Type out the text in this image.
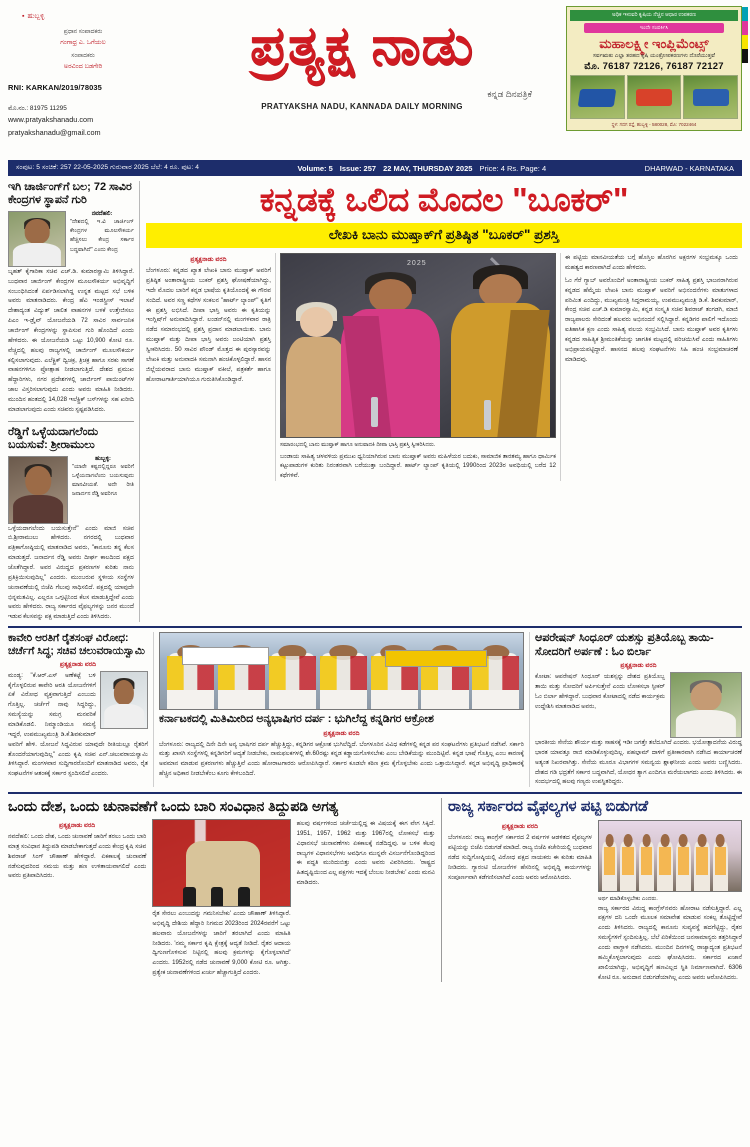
▪ ಹುಬ್ಬಳ್ಳಿ
ಪ್ರಧಾನ ಸಂಪಾದಕರು
ಗಂಗಾಧ್ರ ಎ. ಒಗೆಯಲ
ಸಂಪಾದಕರು
ಅರವಿಂದ ಬಡಗೇರಿ
RNI: KARKAN/2019/78035
ಮೊ.ನಂ.: 81975 11295
www.pratyakshanadu.com
pratyakshanadu@gmail.com
ಪ್ರತ್ಯಕ್ಷ ನಾಡು
ಕನ್ನಡ ದಿನಪತ್ರಿಕೆ
PRATYAKSHA NADU, KANNADA DAILY MORNING
ಅಧಿಕ ಇಳುವರಿ ಕೃಷಿಯ ನೆಚ್ಚಿನ ಆಧಾರ ಉಪಕರಣ
ಇಂದೇ ಸಂಪರ್ಕಿಸಿ
ಮಹಾಲಕ್ಷ್ಮೀ ಇಂಪ್ಲಿಮೆಂಟ್ಸ್
ಸರ್ವಋತು ಎಲ್ಲಾ ತರಹದ ಕೃಷಿ ಯಂತ್ರೋಪಕರಣಗಳು ದೊರೆಯುತ್ತವೆ
ಮೊ. 76187 72126, 76187 72127
ಸ್ಥಳ: ಗದಗ ರಸ್ತೆ, ಹುಬ್ಬಳ್ಳಿ - 580028, ಮೊ: 7022464
ಸಂಪುಟ: 5 ಸಂಚಿಕೆ: 257 22-05-2025 ಗುರುವಾರ 2025 ಬೆಲೆ: 4 ರೂ. ಪುಟ: 4	Volume: 5 Issue: 257 22 MAY, THURSDAY 2025 Price: 4 Rs. Page: 4	DHARWAD - KARNATAKA
ಇಗಿ ಚಾರ್ಜಿಂಗ್‌ಗೆ ಬಲ; 72 ಸಾವಿರ ಕೇಂದ್ರಗಳ ಸ್ಥಾಪನೆ ಗುರಿ
ನವದೆಹಲಿ:
"ದೇಶದಲ್ಲಿ ಇ.ವಿ ಚಾರ್ಜಿಂಗ್ ಕೇಂದ್ರಗಳ ಮೂಲಸೌಕರ್ಯ ಹೆಚ್ಚಿಸಲು ಕೇಂದ್ರ ಸರ್ಕಾರ ಬದ್ಧವಾಗಿದೆ" ಎಂದು ಕೇಂದ್ರ
ಬೃಹತ್ ಕೈಗಾರಿಕಾ ಸಚಿವ ಎಚ್.ಡಿ. ಕುಮಾರಸ್ವಾಮಿ ತಿಳಿಸಿದ್ದಾರೆ. ಬುಧವಾರ ಚಾರ್ಜಿಂಗ್ ಕೇಂದ್ರಗಳ ಮೂಲಸೌಕರ್ಯ ಅಭಿವೃದ್ಧಿಗೆ ಸಂಬಂಧಿಸಿದಂತೆ ಏರ್ಪಡಿಸಲಾಗಿದ್ದ ಉನ್ನತ ಮಟ್ಟದ ಸಭೆ ಬಳಿಕ ಅವರು ಮಾತನಾಡಿದರು. ಕೇಂದ್ರ ಹೆವಿ ಇಂಡಸ್ಟ್ರೀಸ್ ಇಲಾಖೆ ದೇಶಾದ್ಯಂತ ವಿದ್ಯುತ್ ಚಾಲಿತ ವಾಹನಗಳ ಬಳಕೆ ಉತ್ತೇಜಿಸಲು ಪಿಎಂ ಇ-ಡ್ರೈವ್ ಯೋಜನೆಯಡಿ 72 ಸಾವಿರ ಸಾರ್ವಜನಿಕ ಚಾರ್ಜಿಂಗ್ ಕೇಂದ್ರಗಳನ್ನು ಸ್ಥಾಪಿಸುವ ಗುರಿ ಹೊಂದಿದೆ ಎಂದು ಹೇಳಿದರು. ಈ ಯೋಜನೆಯಡಿ ಒಟ್ಟು 10,900 ಕೋಟಿ ರೂ. ವೆಚ್ಚದಲ್ಲಿ ಹಲವು ರಾಜ್ಯಗಳಲ್ಲಿ ಚಾರ್ಜಿಂಗ್ ಮೂಲಸೌಕರ್ಯ ಕಲ್ಪಿಸಲಾಗುವುದು. ಎಲೆಕ್ಟ್ರಿಕ್ ದ್ವಿಚಕ್ರ, ತ್ರಿಚಕ್ರ ಹಾಗೂ ಸರಕು ಸಾಗಣೆ ವಾಹನಗಳಿಗೂ ಪ್ರೋತ್ಸಾಹ ನೀಡಲಾಗುತ್ತಿದೆ. ದೇಶದ ಪ್ರಮುಖ ಹೆದ್ದಾರಿಗಳು, ನಗರ ಪ್ರದೇಶಗಳಲ್ಲಿ ಚಾರ್ಜಿಂಗ್ ಪಾಯಿಂಟ್‌ಗಳ ಜಾಲ ವಿಸ್ತರಿಸಲಾಗುವುದು ಎಂದು ಅವರು ಮಾಹಿತಿ ನೀಡಿದರು. ಮುಂದಿನ ಹಂತದಲ್ಲಿ 14,028 ಇಲೆಕ್ಟ್ರಿಕ್ ಬಸ್‌ಗಳನ್ನು ಸಹ ಖರೀದಿ ಮಾಡಲಾಗುವುದು ಎಂದು ಸಚಿವರು ಸ್ಪಷ್ಟಪಡಿಸಿದರು.
ರೆಡ್ಡಿಗೆ ಒಳ್ಳೆಯದಾಗಲೆಂದು ಬಯಸುವೆ: ಶ್ರೀರಾಮುಲು
ಹುಬ್ಬಳ್ಳಿ:
"ಯಾರೇ ಕಷ್ಟದಲ್ಲಿದ್ದರೂ ಅವರಿಗೆ ಒಳ್ಳೆಯದಾಗಲೆಂದು ಬಯಸುವುದು ಮಾನವೀಯತೆ. ಅದೇ ರೀತಿ ಜನಾರ್ದನ ರೆಡ್ಡಿ ಅವರಿಗೂ
ಒಳ್ಳೆಯದಾಗಲೆಂದು ಬಯಸುತ್ತೇನೆ" ಎಂದು ಮಾಜಿ ಸಚಿವ ಬಿ.ಶ್ರೀರಾಮುಲು ಹೇಳಿದರು. ನಗರದಲ್ಲಿ ಬುಧವಾರ ಪತ್ರಿಕಾಗೋಷ್ಠಿಯಲ್ಲಿ ಮಾತನಾಡಿದ ಅವರು, "ಕಾನೂನು ತನ್ನ ಕೆಲಸ ಮಾಡುತ್ತದೆ. ಜನಾರ್ದನ ರೆಡ್ಡಿ ಅವರು ದೀರ್ಘ ಕಾಲದಿಂದ ಪಕ್ಷದ ಜೊತೆಗಿದ್ದಾರೆ. ಅವರ ವಿರುದ್ಧದ ಪ್ರಕರಣಗಳ ಕುರಿತು ನಾನು ಪ್ರತಿಕ್ರಿಯಿಸುವುದಿಲ್ಲ" ಎಂದರು. ಮುಂಬರುವ ಸ್ಥಳೀಯ ಸಂಸ್ಥೆಗಳ ಚುನಾವಣೆಯಲ್ಲಿ ಬಿಜೆಪಿ ಗೆಲುವು ಸಾಧಿಸಲಿದೆ. ಪಕ್ಷದಲ್ಲಿ ಯಾವುದೇ ಭಿನ್ನಮತವಿಲ್ಲ. ಎಲ್ಲರೂ ಒಗ್ಗಟ್ಟಿನಿಂದ ಕೆಲಸ ಮಾಡುತ್ತಿದ್ದೇವೆ ಎಂದು ಅವರು ಹೇಳಿದರು. ರಾಜ್ಯ ಸರ್ಕಾರದ ವೈಫಲ್ಯಗಳನ್ನು ಜನರ ಮುಂದೆ ಇಡುವ ಕೆಲಸವನ್ನು ಪಕ್ಷ ಮಾಡುತ್ತಿದೆ ಎಂದು ತಿಳಿಸಿದರು.
ಕನ್ನಡಕ್ಕೆ ಒಲಿದ ಮೊದಲ "ಬೂಕರ್"
ಲೇಖಕಿ ಬಾನು ಮುಷ್ತಾಕ್‌ಗೆ ಪ್ರತಿಷ್ಠಿತ "ಬೂಕರ್" ಪ್ರಶಸ್ತಿ
ಪ್ರತ್ಯಕ್ಷನಾಡು ವರದಿ
ಬೆಂಗಳೂರು: ಕನ್ನಡದ ಖ್ಯಾತ ಲೇಖಕಿ ಬಾನು ಮುಷ್ತಾಕ್ ಅವರಿಗೆ ಪ್ರತಿಷ್ಠಿತ ಅಂತಾರಾಷ್ಟ್ರೀಯ ಬುಕರ್ ಪ್ರಶಸ್ತಿ ಘೋಷಣೆಯಾಗಿದ್ದು, ಇದೇ ಮೊದಲ ಬಾರಿಗೆ ಕನ್ನಡ ಭಾಷೆಯ ಕೃತಿಯೊಂದಕ್ಕೆ ಈ ಗೌರವ ಸಂದಿದೆ. ಅವರ ಸಣ್ಣ ಕಥೆಗಳ ಸಂಕಲನ "ಹಾರ್ಟ್ ಲ್ಯಾಂಪ್" ಕೃತಿಗೆ ಈ ಪ್ರಶಸ್ತಿ ಲಭಿಸಿದೆ. ದೀಪಾ ಭಾಸ್ತಿ ಅವರು ಈ ಕೃತಿಯನ್ನು ಇಂಗ್ಲಿಷ್‌ಗೆ ಅನುವಾದಿಸಿದ್ದಾರೆ. ಲಂಡನ್‌ನಲ್ಲಿ ಮಂಗಳವಾರ ರಾತ್ರಿ ನಡೆದ ಸಮಾರಂಭದಲ್ಲಿ ಪ್ರಶಸ್ತಿ ಪ್ರದಾನ ಮಾಡಲಾಯಿತು. ಬಾನು ಮುಷ್ತಾಕ್ ಮತ್ತು ದೀಪಾ ಭಾಸ್ತಿ ಅವರು ಜಂಟಿಯಾಗಿ ಪ್ರಶಸ್ತಿ ಸ್ವೀಕರಿಸಿದರು. 50 ಸಾವಿರ ಪೌಂಡ್ ಮೊತ್ತದ ಈ ಪುರಸ್ಕಾರವನ್ನು ಲೇಖಕಿ ಮತ್ತು ಅನುವಾದಕಿ ಸಮನಾಗಿ ಹಂಚಿಕೊಳ್ಳಲಿದ್ದಾರೆ. ಹಾಸನ ಜಿಲ್ಲೆಯವರಾದ ಬಾನು ಮುಷ್ತಾಕ್ ವಕೀಲೆ, ಪತ್ರಕರ್ತೆ ಹಾಗೂ ಹೋರಾಟಗಾರ್ತಿಯಾಗಿಯೂ ಗುರುತಿಸಿಕೊಂಡಿದ್ದಾರೆ.
2025
ಸಮಾರಂಭದಲ್ಲಿ ಬಾನು ಮುಷ್ತಾಕ್ ಹಾಗೂ ಅನುವಾದಕಿ ದೀಪಾ ಭಾಸ್ತಿ ಪ್ರಶಸ್ತಿ ಸ್ವೀಕರಿಸಿದರು.
ಬಂಡಾಯ ಸಾಹಿತ್ಯ ಚಳವಳಿಯ ಪ್ರಮುಖ ಧ್ವನಿಯಾಗಿರುವ ಬಾನು ಮುಷ್ತಾಕ್ ಅವರು ಮಹಿಳೆಯರ ಬದುಕು, ಸಾಮಾಜಿಕ ತಾರತಮ್ಯ ಹಾಗೂ ಧಾರ್ಮಿಕ ಕಟ್ಟುಪಾಡುಗಳ ಕುರಿತು ನಿರಂತರವಾಗಿ ಬರೆಯುತ್ತಾ ಬಂದಿದ್ದಾರೆ. ಹಾರ್ಟ್ ಲ್ಯಾಂಪ್ ಕೃತಿಯಲ್ಲಿ 1990ರಿಂದ 2023ರ ಅವಧಿಯಲ್ಲಿ ಬರೆದ 12 ಕಥೆಗಳಿವೆ.
ಈ ಪಟ್ಟಿಯ ಮಾನವೀಯತೆಯ ಬಗ್ಗೆ ಹೊಸ್ತಿಲ ಹೊರಗಿನ ಅಕ್ಷರಗಳ ಸಂಭ್ರಮಕ್ಕೂ ಒಂದು ಮಹತ್ವದ ಕಾರಣವಾಗಿದೆ ಎಂದು ಹೇಳಿದರು.
ಓಂ ಗೆರೆ ಗ್ಯಾಬ್ ಅವರೊಂದಿಗೆ ಅಂತಾರಾಷ್ಟ್ರೀಯ ಬುಕರ್ ಸಾಹಿತ್ಯ ಪ್ರಶಸ್ತಿ ಭಾಜನರಾಗಿರುವ ಕನ್ನಡದ ಹೆಮ್ಮೆಯ ಲೇಖಕಿ ಬಾನು ಮುಷ್ತಾಕ್ ಅವರಿಗೆ ಅಭಿನಂದನೆಗಳು ಮಾತುಗಳಾದ ಪರಿಮಿತ ಎಂದಿದ್ದು, ಮುಖ್ಯಮಂತ್ರಿ ಸಿದ್ದರಾಮಯ್ಯ, ಉಪಮುಖ್ಯಮಂತ್ರಿ ಡಿ.ಕೆ. ಶಿವಕುಮಾರ್, ಕೇಂದ್ರ ಸಚಿವ ಎಚ್.ಡಿ ಕುಮಾರಸ್ವಾಮಿ, ಕನ್ನಡ ಸಂಸ್ಕೃತಿ ಸಚಿವ ಶಿವರಾಜ್ ತಂಗಡಗಿ, ಮಾಜಿ ರಾಜ್ಯಪಾಲರು ಸೇರಿದಂತೆ ಹಲವರು ಅಭಿನಂದನೆ ಸಲ್ಲಿಸಿದ್ದಾರೆ. ಕನ್ನಡಿಗರ ಪಾಲಿಗೆ ಇದೊಂದು ಐತಿಹಾಸಿಕ ಕ್ಷಣ ಎಂದು ಸಾಹಿತ್ಯ ವಲಯ ಸಂಭ್ರಮಿಸಿದೆ. ಬಾನು ಮುಷ್ತಾಕ್ ಅವರ ಕೃತಿಗಳು ಕನ್ನಡದ ಸಾಹಿತ್ಯಿಕ ಶ್ರೀಮಂತಿಕೆಯನ್ನು ಜಾಗತಿಕ ಮಟ್ಟದಲ್ಲಿ ಪರಿಚಯಿಸಿವೆ ಎಂದು ಸಾಹಿತಿಗಳು ಅಭಿಪ್ರಾಯಪಟ್ಟಿದ್ದಾರೆ. ಹಾಸನದ ಹಲವು ಸಂಘಟನೆಗಳು ಸಿಹಿ ಹಂಚಿ ಸಂಭ್ರಮಾಚರಣೆ ಮಾಡಿದವು.
ಕಾವೇರಿ ಆರತಿಗೆ ರೈತಸಂಘ ವಿರೋಧ: ಚರ್ಚೆಗೆ ಸಿದ್ಧ; ಸಚಿವ ಚಲುವರಾಯಸ್ವಾಮಿ
ಪ್ರತ್ಯಕ್ಷನಾಡು ವರದಿ
ಮಂಡ್ಯ: "ಕೆ.ಆರ್.ಎಸ್ ಅಣೆಕಟ್ಟೆ ಬಳಿ ಕೈಗೊಳ್ಳಲಿರುವ ಕಾವೇರಿ ಆರತಿ ಯೋಜನೆಗಳಿಗೆ ಏಕೆ ವಿರೋಧ ವ್ಯಕ್ತವಾಗುತ್ತಿದೆ ಎಂಬುದು ಗೊತ್ತಿಲ್ಲ. ಚರ್ಚೆಗೆ ನಾವು ಸಿದ್ಧರಿದ್ದು, ಸಮಸ್ಯೆಯನ್ನು ಸಮಗ್ರ ಮನವರಿಕೆ ಮಾಡಿಕೊಡಲಿ. ನಿಮ್ಮಾಂಡಿಯೂ ಸಮಸ್ಯೆ ಇದ್ದರೆ, ಉಪಮುಖ್ಯಮಂತ್ರಿ ಡಿ.ಕೆ.ಶಿವಕುಮಾರ್ ಅವರಿಗೆ ಹೇಳಿ. ಯೋಜನೆ ಸಿದ್ಧವಿರುವ ಯಾವುದೇ ರೀತಿಯಲ್ಲೂ ರೈತರಿಗೆ ತೊಂದರೆಯಾಗುವುದಿಲ್ಲ" ಎಂದು ಕೃಷಿ ಸಚಿವ ಎನ್.ಚಲುವರಾಯಸ್ವಾಮಿ ತಿಳಿಸಿದ್ದಾರೆ. ಮಂಗಳವಾರ ಸುದ್ದಿಗಾರರೊಂದಿಗೆ ಮಾತನಾಡಿದ ಅವರು, ರೈತ ಸಂಘಟನೆಗಳ ಆತಂಕಕ್ಕೆ ಸರ್ಕಾರ ಸ್ಪಂದಿಸಲಿದೆ ಎಂದರು.
ಕರ್ನಾಟಕದಲ್ಲಿ ಮಿತಿಮೀರಿದ ಅನ್ಯಭಾಷಿಗರ ದರ್ಪ : ಭುಗಿಲೆದ್ದ ಕನ್ನಡಿಗರ ಆಕ್ರೋಶ
ಪ್ರತ್ಯಕ್ಷನಾಡು ವರದಿ
ಬೆಂಗಳೂರು: ರಾಜ್ಯದಲ್ಲಿ ದಿನೇ ದಿನೇ ಅನ್ಯ ಭಾಷಿಗರ ದರ್ಪ ಹೆಚ್ಚುತ್ತಿದ್ದು, ಕನ್ನಡಿಗರ ಆಕ್ರೋಶ ಭುಗಿಲೆದ್ದಿದೆ. ಬೆಂಗಳೂರಿನ ವಿವಿಧ ಕಡೆಗಳಲ್ಲಿ ಕನ್ನಡ ಪರ ಸಂಘಟನೆಗಳು ಪ್ರತಿಭಟನೆ ನಡೆಸಿವೆ. ಸರ್ಕಾರಿ ಮತ್ತು ಖಾಸಗಿ ಸಂಸ್ಥೆಗಳಲ್ಲಿ ಕನ್ನಡಿಗರಿಗೆ ಆದ್ಯತೆ ನೀಡಬೇಕು, ನಾಮಫಲಕಗಳಲ್ಲಿ ಶೇ.60ರಷ್ಟು ಕನ್ನಡ ಕಡ್ಡಾಯಗೊಳಿಸಬೇಕು ಎಂಬ ಬೇಡಿಕೆಯನ್ನು ಮುಂದಿಟ್ಟಿವೆ. ಕನ್ನಡ ಭಾಷೆ ಗೊತ್ತಿಲ್ಲ ಎಂಬ ಕಾರಣಕ್ಕೆ ಅವಮಾನ ಮಾಡುವ ಪ್ರಕರಣಗಳು ಹೆಚ್ಚುತ್ತಿವೆ ಎಂದು ಹೋರಾಟಗಾರರು ಆರೋಪಿಸಿದ್ದಾರೆ. ಸರ್ಕಾರ ಕೂಡಲೇ ಕಠಿಣ ಕ್ರಮ ಕೈಗೊಳ್ಳಬೇಕು ಎಂದು ಒತ್ತಾಯಿಸಿದ್ದಾರೆ. ಕನ್ನಡ ಅಭಿವೃದ್ಧಿ ಪ್ರಾಧಿಕಾರಕ್ಕೆ ಹೆಚ್ಚಿನ ಅಧಿಕಾರ ನೀಡಬೇಕೆಂಬ ಕೂಗು ಕೇಳಿಬಂದಿದೆ.
ಆಪರೇಷನ್ ಸಿಂಧೂರ್ ಯಶಸ್ಸು ಪ್ರತಿಯೊಬ್ಬ ತಾಯಿ-ಸೋದರಿಗೆ ಅರ್ಪಣೆ : ಓಂ ಬಿರ್ಲಾ
ಪ್ರತ್ಯಕ್ಷನಾಡು ವರದಿ
ಕೋಟಾ: ಆಪರೇಷನ್ ಸಿಂಧೂರ್ ಯಶಸ್ಸನ್ನು ದೇಶದ ಪ್ರತಿಯೊಬ್ಬ ತಾಯಿ ಮತ್ತು ಸೋದರಿಗೆ ಅರ್ಪಿಸುತ್ತೇನೆ ಎಂದು ಲೋಕಸಭಾ ಸ್ಪೀಕರ್ ಓಂ ಬಿರ್ಲಾ ಹೇಳಿದ್ದಾರೆ. ಬುಧವಾರ ಕೋಟಾದಲ್ಲಿ ನಡೆದ ಕಾರ್ಯಕ್ರಮ ಉದ್ದೇಶಿಸಿ ಮಾತನಾಡಿದ ಅವರು,
ಭಾರತೀಯ ಸೇನೆಯ ಶೌರ್ಯ ಮತ್ತು ಸಾಹಸಕ್ಕೆ ಇಡೀ ಜಗತ್ತೇ ತಲೆದೂಗಿದೆ ಎಂದರು. ಭಯೋತ್ಪಾದನೆಯ ವಿರುದ್ಧ ಭಾರತ ಯಾವತ್ತೂ ರಾಜಿ ಮಾಡಿಕೊಳ್ಳುವುದಿಲ್ಲ. ಪಹಲ್ಗಾಮ್ ದಾಳಿಗೆ ಪ್ರತೀಕಾರವಾಗಿ ನಡೆಸಿದ ಕಾರ್ಯಾಚರಣೆ ಅತ್ಯಂತ ನಿಖರವಾಗಿತ್ತು. ಸೇನೆಯ ಮೂರೂ ವಿಭಾಗಗಳ ಸಮನ್ವಯ ಶ್ಲಾಘನೀಯ ಎಂದು ಅವರು ಬಣ್ಣಿಸಿದರು. ದೇಶದ ಗಡಿ ಭದ್ರತೆಗೆ ಸರ್ಕಾರ ಬದ್ಧವಾಗಿದೆ, ಯೋಧರ ತ್ಯಾಗ ಎಂದಿಗೂ ಮರೆಯಲಾಗದು ಎಂದು ತಿಳಿಸಿದರು. ಈ ಸಂದರ್ಭದಲ್ಲಿ ಹಲವು ಗಣ್ಯರು ಉಪಸ್ಥಿತರಿದ್ದರು.
ಒಂದು ದೇಶ, ಒಂದು ಚುನಾವಣೆಗೆ ಒಂದು ಬಾರಿ ಸಂವಿಧಾನ ತಿದ್ದುಪಡಿ ಅಗತ್ಯ
ಪ್ರತ್ಯಕ್ಷನಾಡು ವರದಿ
ನವದೆಹಲಿ: ಒಂದು ದೇಶ, ಒಂದು ಚುನಾವಣೆ ಜಾರಿಗೆ ತರಲು ಒಂದು ಬಾರಿ ಮಾತ್ರ ಸಂವಿಧಾನ ತಿದ್ದುಪಡಿ ಮಾಡಬೇಕಾಗುತ್ತದೆ ಎಂದು ಕೇಂದ್ರ ಕೃಷಿ ಸಚಿವ ಶಿವರಾಜ್ ಸಿಂಗ್ ಚೌಹಾಣ್ ಹೇಳಿದ್ದಾರೆ. ಏಕಕಾಲಕ್ಕೆ ಚುನಾವಣೆ ನಡೆಸುವುದರಿಂದ ಸಮಯ ಮತ್ತು ಹಣ ಉಳಿತಾಯವಾಗಲಿದೆ ಎಂದು ಅವರು ಪ್ರತಿಪಾದಿಸಿದರು.
ರೈತ ಸೇರಲು ಎಂಬುದನ್ನು ಗಮನಿಸಬೇಕು' ಎಂದು ಚೌಹಾಣ್ ತಿಳಿಸಿದ್ದಾರೆ. ಅಭಿವೃದ್ಧಿ ದೇಶಿಯ ಹೆದ್ದಾರಿ ನಿಗಮದ 2023ರಿಂದ 2024ರವರೆಗೆ ಒಟ್ಟು ಹಲವಾರು ಯೋಜನೆಗಳನ್ನು ಜಾರಿಗೆ ತರಲಾಗಿದೆ ಎಂದು ಮಾಹಿತಿ ನೀಡಿದರು. 'ನಮ್ಮ ಸರ್ಕಾರ ಕೃಷಿ ಕ್ಷೇತ್ರಕ್ಕೆ ಆದ್ಯತೆ ನೀಡಿದೆ. ರೈತರ ಆದಾಯ ದ್ವಿಗುಣಗೊಳಿಸುವ ನಿಟ್ಟಿನಲ್ಲಿ ಹಲವು ಕ್ರಮಗಳನ್ನು ಕೈಗೊಳ್ಳಲಾಗಿದೆ' ಎಂದರು. 1952ರಲ್ಲಿ ನಡೆದ ಚುನಾವಣೆ 9,000 ಕೋಟಿ ರೂ. ಆಗಿತ್ತು. ಪ್ರತ್ಯೇಕ ಚುನಾವಣೆಗಳಿಂದ ಖರ್ಚು ಹೆಚ್ಚಾಗುತ್ತಿದೆ ಎಂದರು.
ಹಲವು ವರ್ಷಗಳಿಂದ ಚರ್ಚೆಯಲ್ಲಿದ್ದ ಈ ವಿಷಯಕ್ಕೆ ಈಗ ವೇಗ ಸಿಕ್ಕಿದೆ. 1951, 1957, 1962 ಮತ್ತು 1967ರಲ್ಲಿ ಲೋಕಸಭೆ ಮತ್ತು ವಿಧಾನಸಭೆ ಚುನಾವಣೆಗಳು ಏಕಕಾಲಕ್ಕೆ ನಡೆದಿದ್ದವು. ಆ ಬಳಿಕ ಕೆಲವು ರಾಜ್ಯಗಳ ವಿಧಾನಸಭೆಗಳು ಅವಧಿಗೂ ಮುನ್ನವೇ ವಿಸರ್ಜನೆಗೊಂಡಿದ್ದರಿಂದ ಈ ಪದ್ಧತಿ ಮುರಿದುಬಿತ್ತು ಎಂದು ಅವರು ವಿವರಿಸಿದರು. 'ರಾಷ್ಟ್ರದ ಹಿತದೃಷ್ಟಿಯಿಂದ ಎಲ್ಲ ಪಕ್ಷಗಳು ಇದಕ್ಕೆ ಬೆಂಬಲ ನೀಡಬೇಕು' ಎಂದು ಮನವಿ ಮಾಡಿದರು.
ರಾಜ್ಯ ಸರ್ಕಾರದ ವೈಫಲ್ಯಗಳ ಪಟ್ಟಿ ಬಿಡುಗಡೆ
ಪ್ರತ್ಯಕ್ಷನಾಡು ವರದಿ
ಬೆಂಗಳೂರು: ರಾಜ್ಯ ಕಾಂಗ್ರೆಸ್ ಸರ್ಕಾರದ 2 ವರ್ಷಗಳ ಆಡಳಿತದ ವೈಫಲ್ಯಗಳ ಪಟ್ಟಿಯನ್ನು ಬಿಜೆಪಿ ಬಿಡುಗಡೆ ಮಾಡಿದೆ. ರಾಜ್ಯ ಬಿಜೆಪಿ ಕಚೇರಿಯಲ್ಲಿ ಬುಧವಾರ ನಡೆದ ಸುದ್ದಿಗೋಷ್ಠಿಯಲ್ಲಿ ವಿರೋಧ ಪಕ್ಷದ ನಾಯಕರು ಈ ಕುರಿತು ಮಾಹಿತಿ ನೀಡಿದರು. ಗ್ಯಾರಂಟಿ ಯೋಜನೆಗಳ ಹೆಸರಿನಲ್ಲಿ ಅಭಿವೃದ್ಧಿ ಕಾರ್ಯಗಳನ್ನು ಸಂಪೂರ್ಣವಾಗಿ ಕಡೆಗಣಿಸಲಾಗಿದೆ ಎಂದು ಅವರು ಆರೋಪಿಸಿದರು.
ಅರ್ಥ ಮಾಡಿಕೊಳ್ಳಬೇಕು ಎಂದರು.
ರಾಜ್ಯ ಸರ್ಕಾರದ ವಿರುದ್ಧ ಕಾಂಗ್ರೆಸ್‌ನವರು ಹೋರಾಟ ನಡೆಸುತ್ತಿದ್ದಾರೆ. ಎಲ್ಲ ಪಕ್ಷಗಳ ದನಿ ಒಂದೇ ಮೂಲಕ ಸಮಾವೇಶ ಮಾಡುವ ಸಂಕಲ್ಪ ತೊಟ್ಟಿದ್ದೇವೆ ಎಂದು ತಿಳಿಸಿದರು. ರಾಜ್ಯದಲ್ಲಿ ಕಾನೂನು ಸುವ್ಯವಸ್ಥೆ ಹದಗೆಟ್ಟಿದ್ದು, ರೈತರ ಸಮಸ್ಯೆಗಳಿಗೆ ಸ್ಪಂದಿಸುತ್ತಿಲ್ಲ. ಬೆಲೆ ಏರಿಕೆಯಿಂದ ಜನಸಾಮಾನ್ಯರು ತತ್ತರಿಸಿದ್ದಾರೆ ಎಂದು ವಾಗ್ದಾಳಿ ನಡೆಸಿದರು. ಮುಂದಿನ ದಿನಗಳಲ್ಲಿ ರಾಜ್ಯಾದ್ಯಂತ ಪ್ರತಿಭಟನೆ ಹಮ್ಮಿಕೊಳ್ಳಲಾಗುವುದು ಎಂದು ಘೋಷಿಸಿದರು. ಸರ್ಕಾರದ ಖಜಾನೆ ಖಾಲಿಯಾಗಿದ್ದು, ಅಭಿವೃದ್ಧಿಗೆ ಹಣವಿಲ್ಲದ ಸ್ಥಿತಿ ನಿರ್ಮಾಣವಾಗಿದೆ. 6306 ಕೋಟಿ ರೂ. ಅನುದಾನ ಬಿಡುಗಡೆಯಾಗಿಲ್ಲ ಎಂದು ಅವರು ಆರೋಪಿಸಿದರು.
